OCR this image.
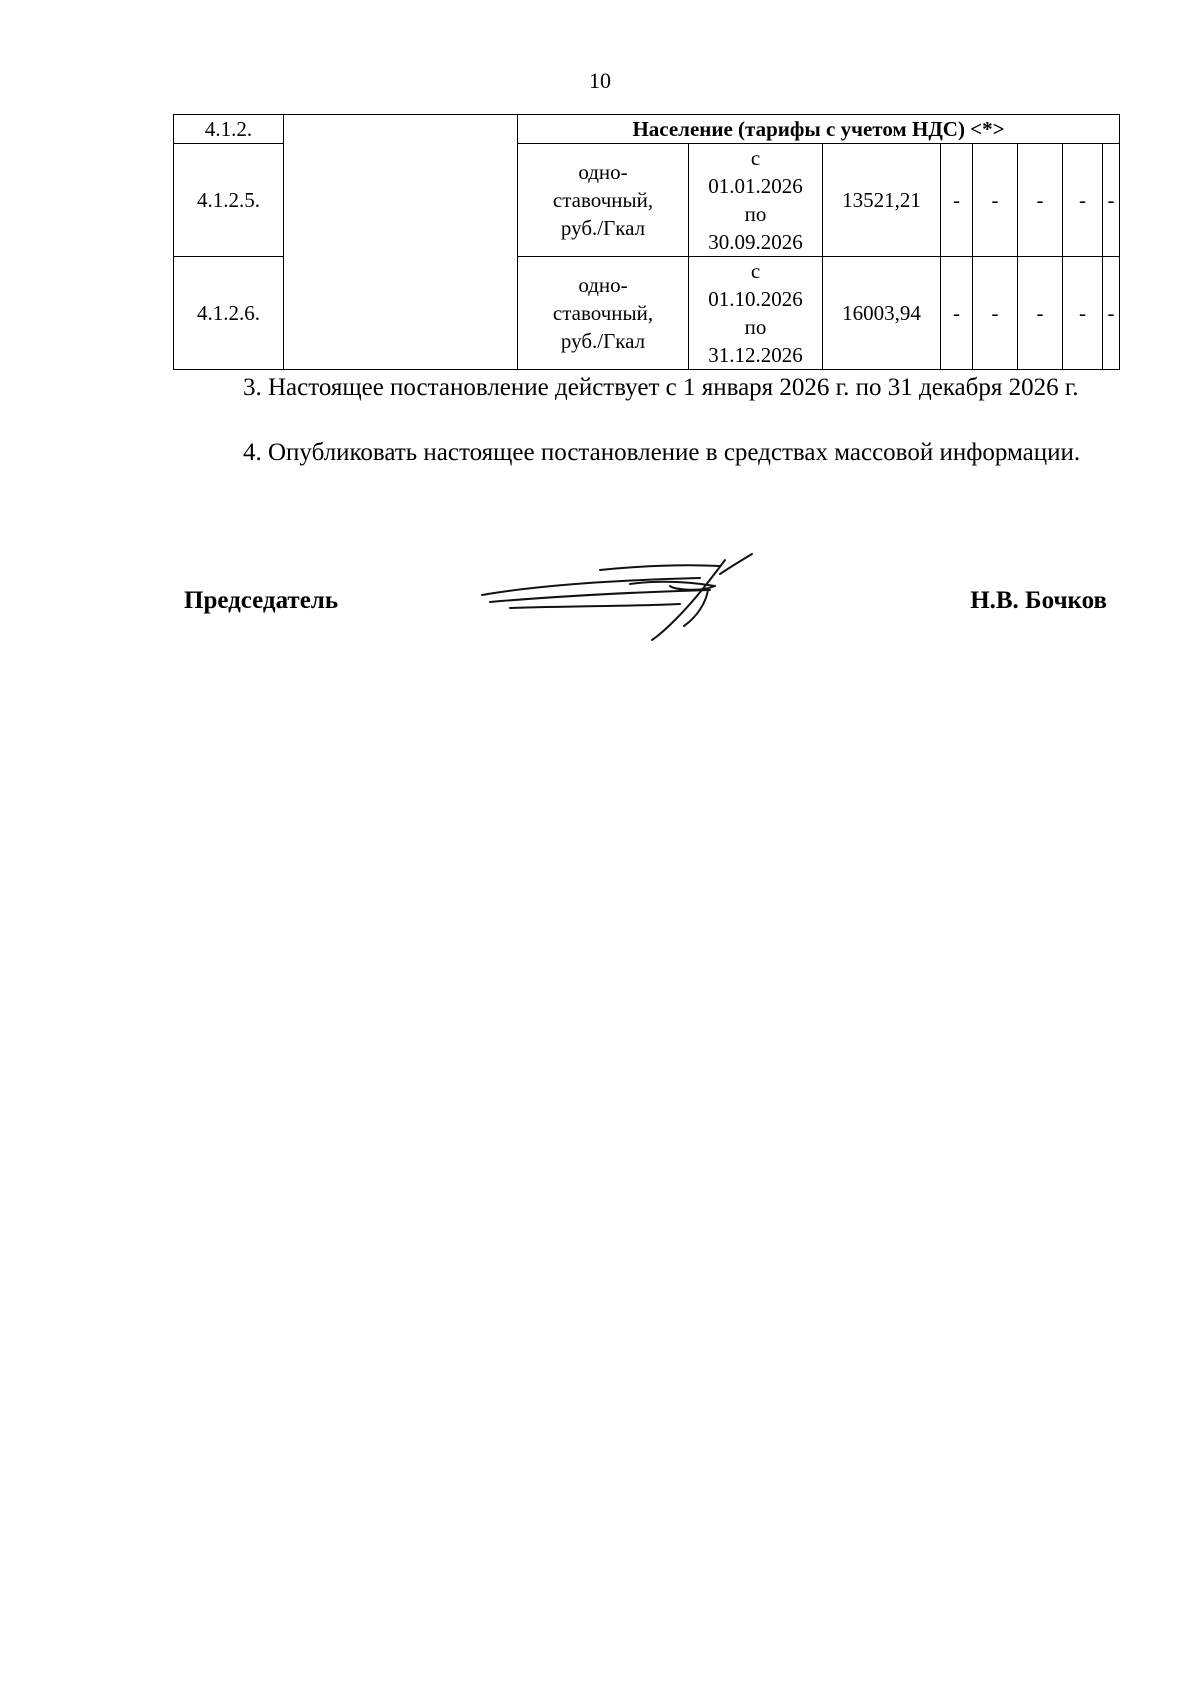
10
4.1.2.		Население (тарифы с учетом НДС) <*>							
4.1.2.5.		одно-
ставочный,
руб./Гкал	с
01.01.2026
по
30.09.2026	13521,21	-	-	-	-	-
4.1.2.6.		одно-
ставочный,
руб./Гкал	с
01.10.2026
по
31.12.2026	16003,94	-	-	-	-	-
3. Настоящее постановление действует с 1 января 2026 г. по 31 декабря 2026 г.
4. Опубликовать настоящее постановление в средствах массовой информации.
Председатель	Н.В. Бочков
